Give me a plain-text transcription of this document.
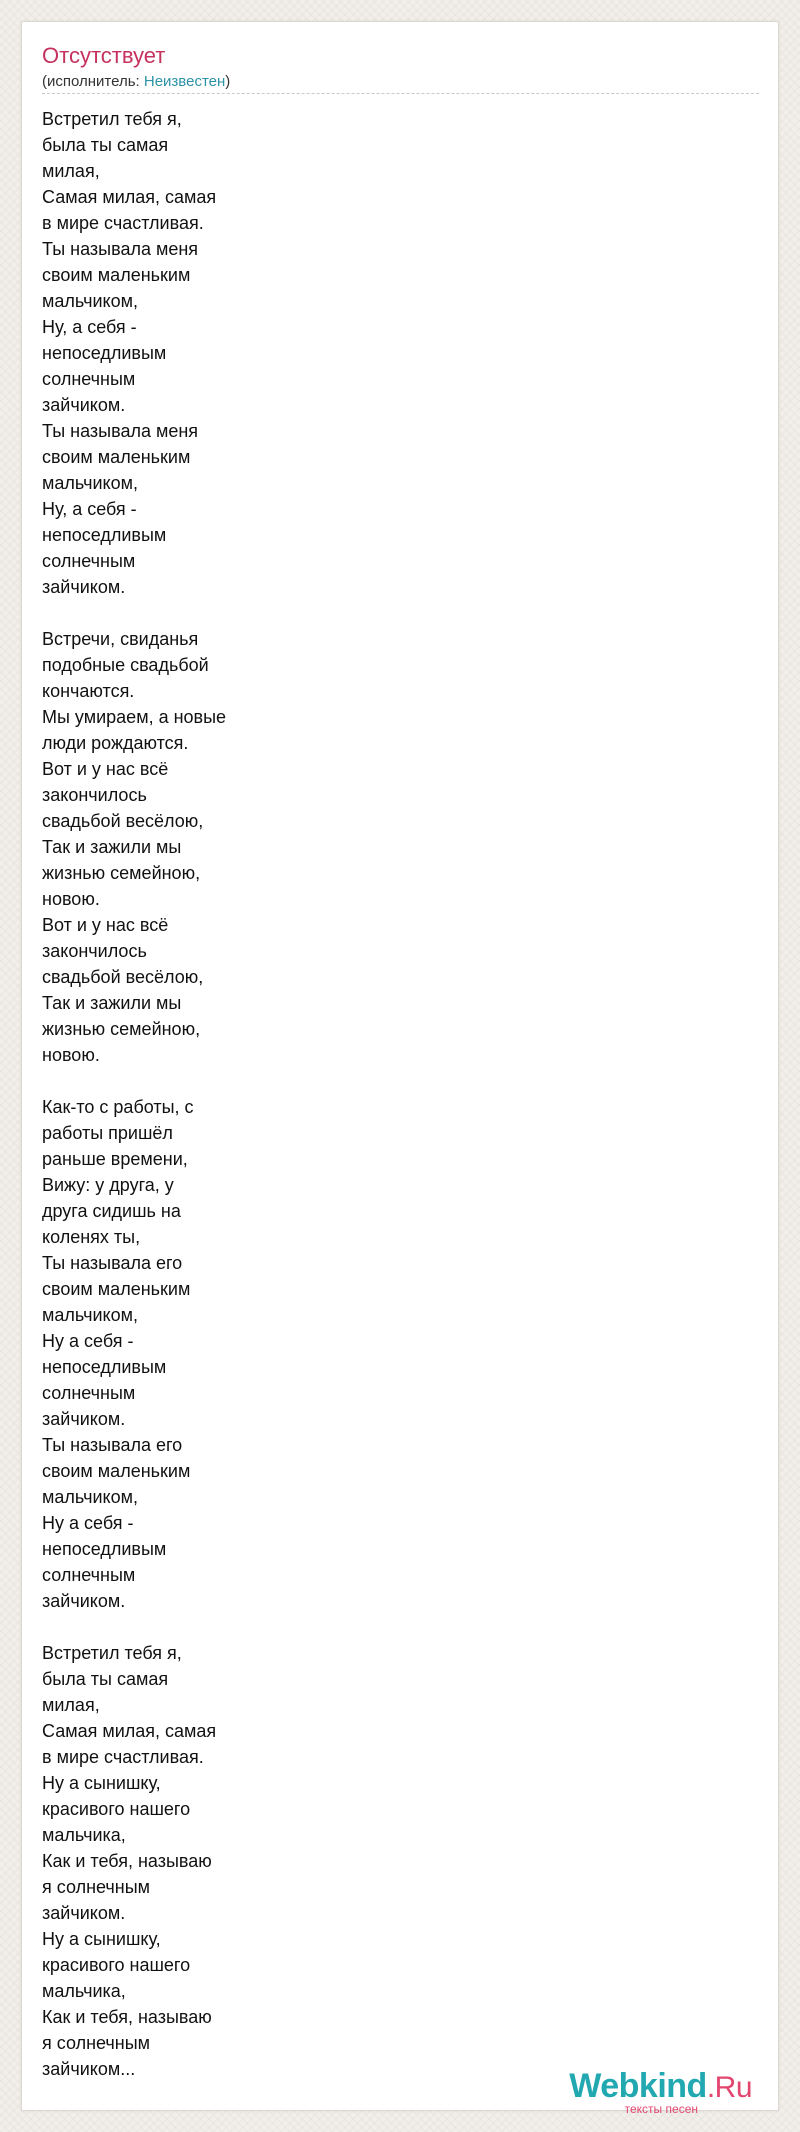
Отсутствует
(исполнитель: Неизвестен)
Встретил тебя я,
была ты самая
милая,
Самая милая, самая
в мире счастливая.
Ты называла меня
своим маленьким
мальчиком,
Ну, а себя -
непоседливым
солнечным
зайчиком.
Ты называла меня
своим маленьким
мальчиком,
Ну, а себя -
непоседливым
солнечным
зайчиком.

Встречи, свиданья
подобные свадьбой
кончаются.
Мы умираем, а новые
люди рождаются.
Вот и у нас всё
закончилось
свадьбой весёлою,
Так и зажили мы
жизнью семейною,
новою.
Вот и у нас всё
закончилось
свадьбой весёлою,
Так и зажили мы
жизнью семейною,
новою.

Как-то с работы, с
работы пришёл
раньше времени,
Вижу: у друга, у
друга сидишь на
коленях ты,
Ты называла его
своим маленьким
мальчиком,
Ну а себя -
непоседливым
солнечным
зайчиком.
Ты называла его
своим маленьким
мальчиком,
Ну а себя -
непоседливым
солнечным
зайчиком.

Встретил тебя я,
была ты самая
милая,
Самая милая, самая
в мире счастливая.
Ну а сынишку,
красивого нашего
мальчика,
Как и тебя, называю
я солнечным
зайчиком.
Ну а сынишку,
красивого нашего
мальчика,
Как и тебя, называю
я солнечным
зайчиком...	Webkind.Ru
тексты песен
